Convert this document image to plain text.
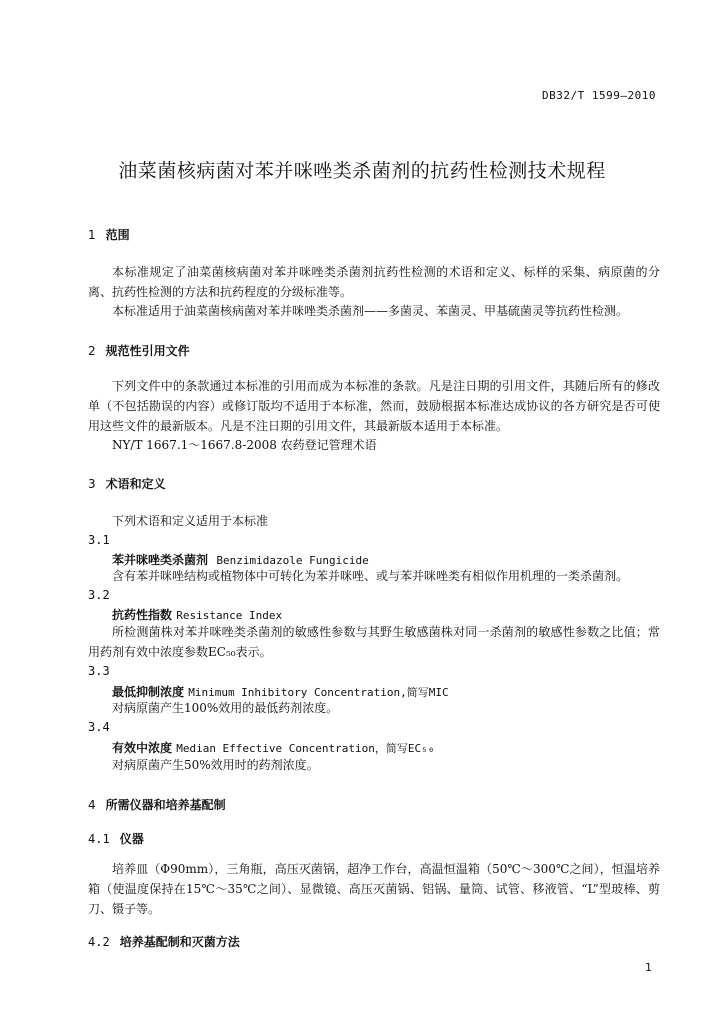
DB32/T 1599—2010
油菜菌核病菌对苯并咪唑类杀菌剂的抗药性检测技术规程
1 范围
本标准规定了油菜菌核病菌对苯并咪唑类杀菌剂抗药性检测的术语和定义、标样的采集、病原菌的分离、抗药性检测的方法和抗药程度的分级标准等。
本标准适用于油菜菌核病菌对苯并咪唑类杀菌剂——多菌灵、苯菌灵、甲基硫菌灵等抗药性检测。
2 规范性引用文件
下列文件中的条款通过本标准的引用而成为本标准的条款。凡是注日期的引用文件，其随后所有的修改单（不包括勘误的内容）或修订版均不适用于本标准，然而，鼓励根据本标准达成协议的各方研究是否可使用这些文件的最新版本。凡是不注日期的引用文件，其最新版本适用于本标准。
NY/T 1667.1～1667.8-2008 农药登记管理术语
3 术语和定义
下列术语和定义适用于本标准
3.1
苯并咪唑类杀菌剂 Benzimidazole Fungicide
含有苯并咪唑结构或植物体中可转化为苯并咪唑、或与苯并咪唑类有相似作用机理的一类杀菌剂。
3.2
抗药性指数 Resistance Index
所检测菌株对苯并咪唑类杀菌剂的敏感性参数与其野生敏感菌株对同一杀菌剂的敏感性参数之比值；常用药剂有效中浓度参数EC₅₀表示。
3.3
最低抑制浓度 Minimum Inhibitory Concentration,简写MIC
对病原菌产生100%效用的最低药剂浓度。
3.4
有效中浓度 Median Effective Concentration，简写EC₅₀
对病原菌产生50%效用时的药剂浓度。
4 所需仪器和培养基配制
4.1 仪器
培养皿（Φ90mm），三角瓶，高压灭菌锅，超净工作台，高温恒温箱（50℃～300℃之间），恒温培养箱（使温度保持在15℃～35℃之间）、显微镜、高压灭菌锅、铝锅、量筒、试管、移液管、“L”型玻棒、剪刀、镊子等。
4.2 培养基配制和灭菌方法
1
